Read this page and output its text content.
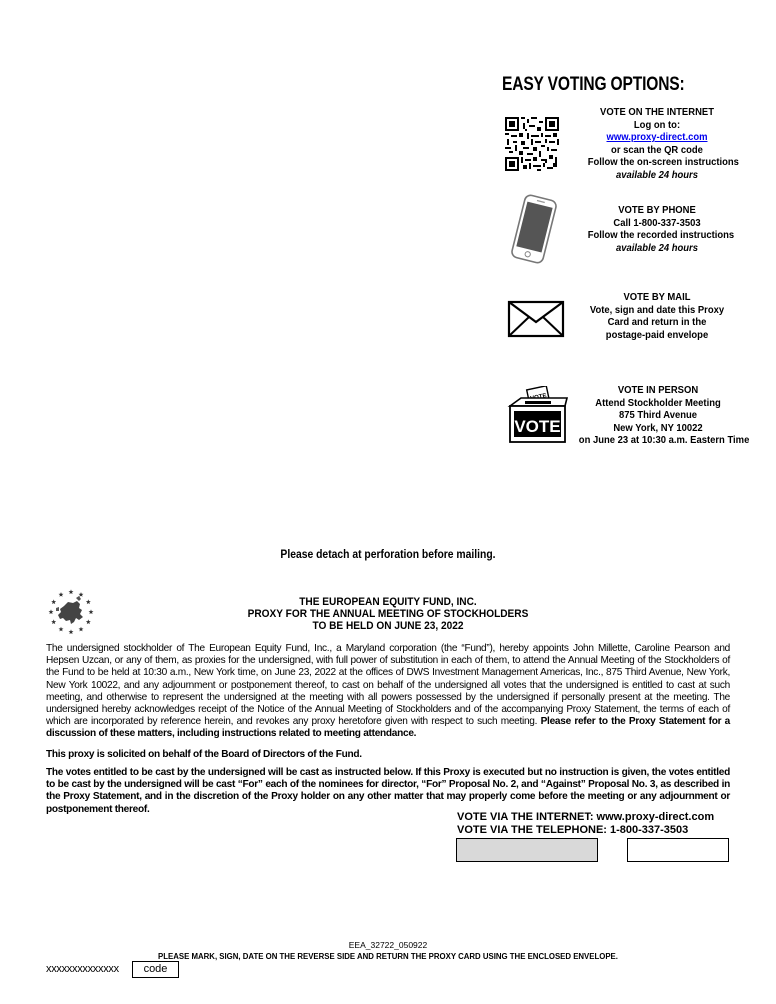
EASY VOTING OPTIONS:
VOTE ON THE INTERNET
Log on to:
www.proxy-direct.com
or scan the QR code
Follow the on-screen instructions
available 24 hours
VOTE BY PHONE
Call 1-800-337-3503
Follow the recorded instructions
available 24 hours
VOTE BY MAIL
Vote, sign and date this Proxy
Card and return in the
postage-paid envelope
VOTE
VOTE IN PERSON
Attend Stockholder Meeting
875 Third Avenue
New York, NY 10022
on June 23 at 10:30 a.m. Eastern Time
Please detach at perforation before mailing.
THE EUROPEAN EQUITY FUND, INC.
PROXY FOR THE ANNUAL MEETING OF STOCKHOLDERS
TO BE HELD ON JUNE 23, 2022
The undersigned stockholder of The European Equity Fund, Inc., a Maryland corporation (the “Fund”), hereby appoints John Millette, Caroline Pearson and Hepsen Uzcan, or any of them, as proxies for the undersigned, with full power of substitution in each of them, to attend the Annual Meeting of the Stockholders of the Fund to be held at 10:30 a.m., New York time, on June 23, 2022 at the offices of DWS Investment Management Americas, Inc., 875 Third Avenue, New York, New York 10022, and any adjournment or postponement thereof, to cast on behalf of the undersigned all votes that the undersigned is entitled to cast at such meeting, and otherwise to represent the undersigned at the meeting with all powers possessed by the undersigned if personally present at the meeting. The undersigned hereby acknowledges receipt of the Notice of the Annual Meeting of Stockholders and of the accompanying Proxy Statement, the terms of each of which are incorporated by reference herein, and revokes any proxy heretofore given with respect to such meeting. Please refer to the Proxy Statement for a discussion of these matters, including instructions related to meeting attendance.
This proxy is solicited on behalf of the Board of Directors of the Fund.
The votes entitled to be cast by the undersigned will be cast as instructed below. If this Proxy is executed but no instruction is given, the votes entitled to be cast by the undersigned will be cast “For” each of the nominees for director, “For” Proposal No. 2, and “Against” Proposal No. 3, as described in the Proxy Statement, and in the discretion of the Proxy holder on any other matter that may properly come before the meeting or any adjournment or postponement thereof.
VOTE VIA THE INTERNET: www.proxy-direct.com
VOTE VIA THE TELEPHONE: 1-800-337-3503
EEA_32722_050922
PLEASE MARK, SIGN, DATE ON THE REVERSE SIDE AND RETURN THE PROXY CARD USING THE ENCLOSED ENVELOPE.
xxxxxxxxxxxxxx	code
